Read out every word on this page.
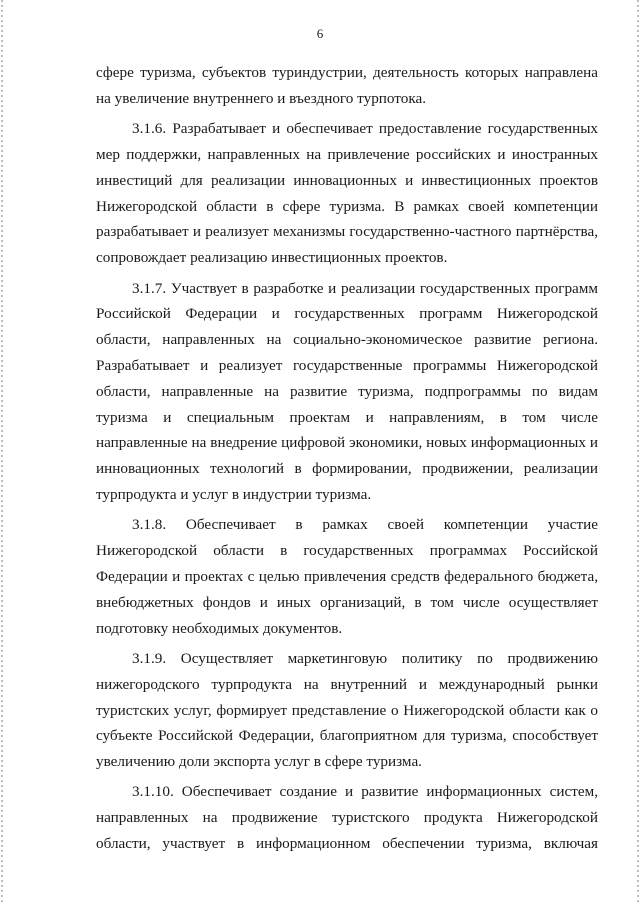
6

сфере туризма, субъектов туриндустрии, деятельность которых направлена на увеличение внутреннего и въездного турпотока.

3.1.6. Разрабатывает и обеспечивает предоставление государственных мер поддержки, направленных на привлечение российских и иностранных инвестиций для реализации инновационных и инвестиционных проектов Нижегородской области в сфере туризма. В рамках своей компетенции разрабатывает и реализует механизмы государственно-частного партнёрства, сопровождает реализацию инвестиционных проектов.

3.1.7. Участвует в разработке и реализации государственных программ Российской Федерации и государственных программ Нижегородской области, направленных на социально-экономическое развитие региона. Разрабатывает и реализует государственные программы Нижегородской области, направленные на развитие туризма, подпрограммы по видам туризма и специальным проектам и направлениям, в том числе направленные на внедрение цифровой экономики, новых информационных и инновационных технологий в формировании, продвижении, реализации турпродукта и услуг в индустрии туризма.

3.1.8. Обеспечивает в рамках своей компетенции участие Нижегородской области в государственных программах Российской Федерации и проектах с целью привлечения средств федерального бюджета, внебюджетных фондов и иных организаций, в том числе осуществляет подготовку необходимых документов.

3.1.9. Осуществляет маркетинговую политику по продвижению нижегородского турпродукта на внутренний и международный рынки туристских услуг, формирует представление о Нижегородской области как о субъекте Российской Федерации, благоприятном для туризма, способствует увеличению доли экспорта услуг в сфере туризма.

3.1.10. Обеспечивает создание и развитие информационных систем, направленных на продвижение туристского продукта Нижегородской области, участвует в информационном обеспечении туризма, включая
